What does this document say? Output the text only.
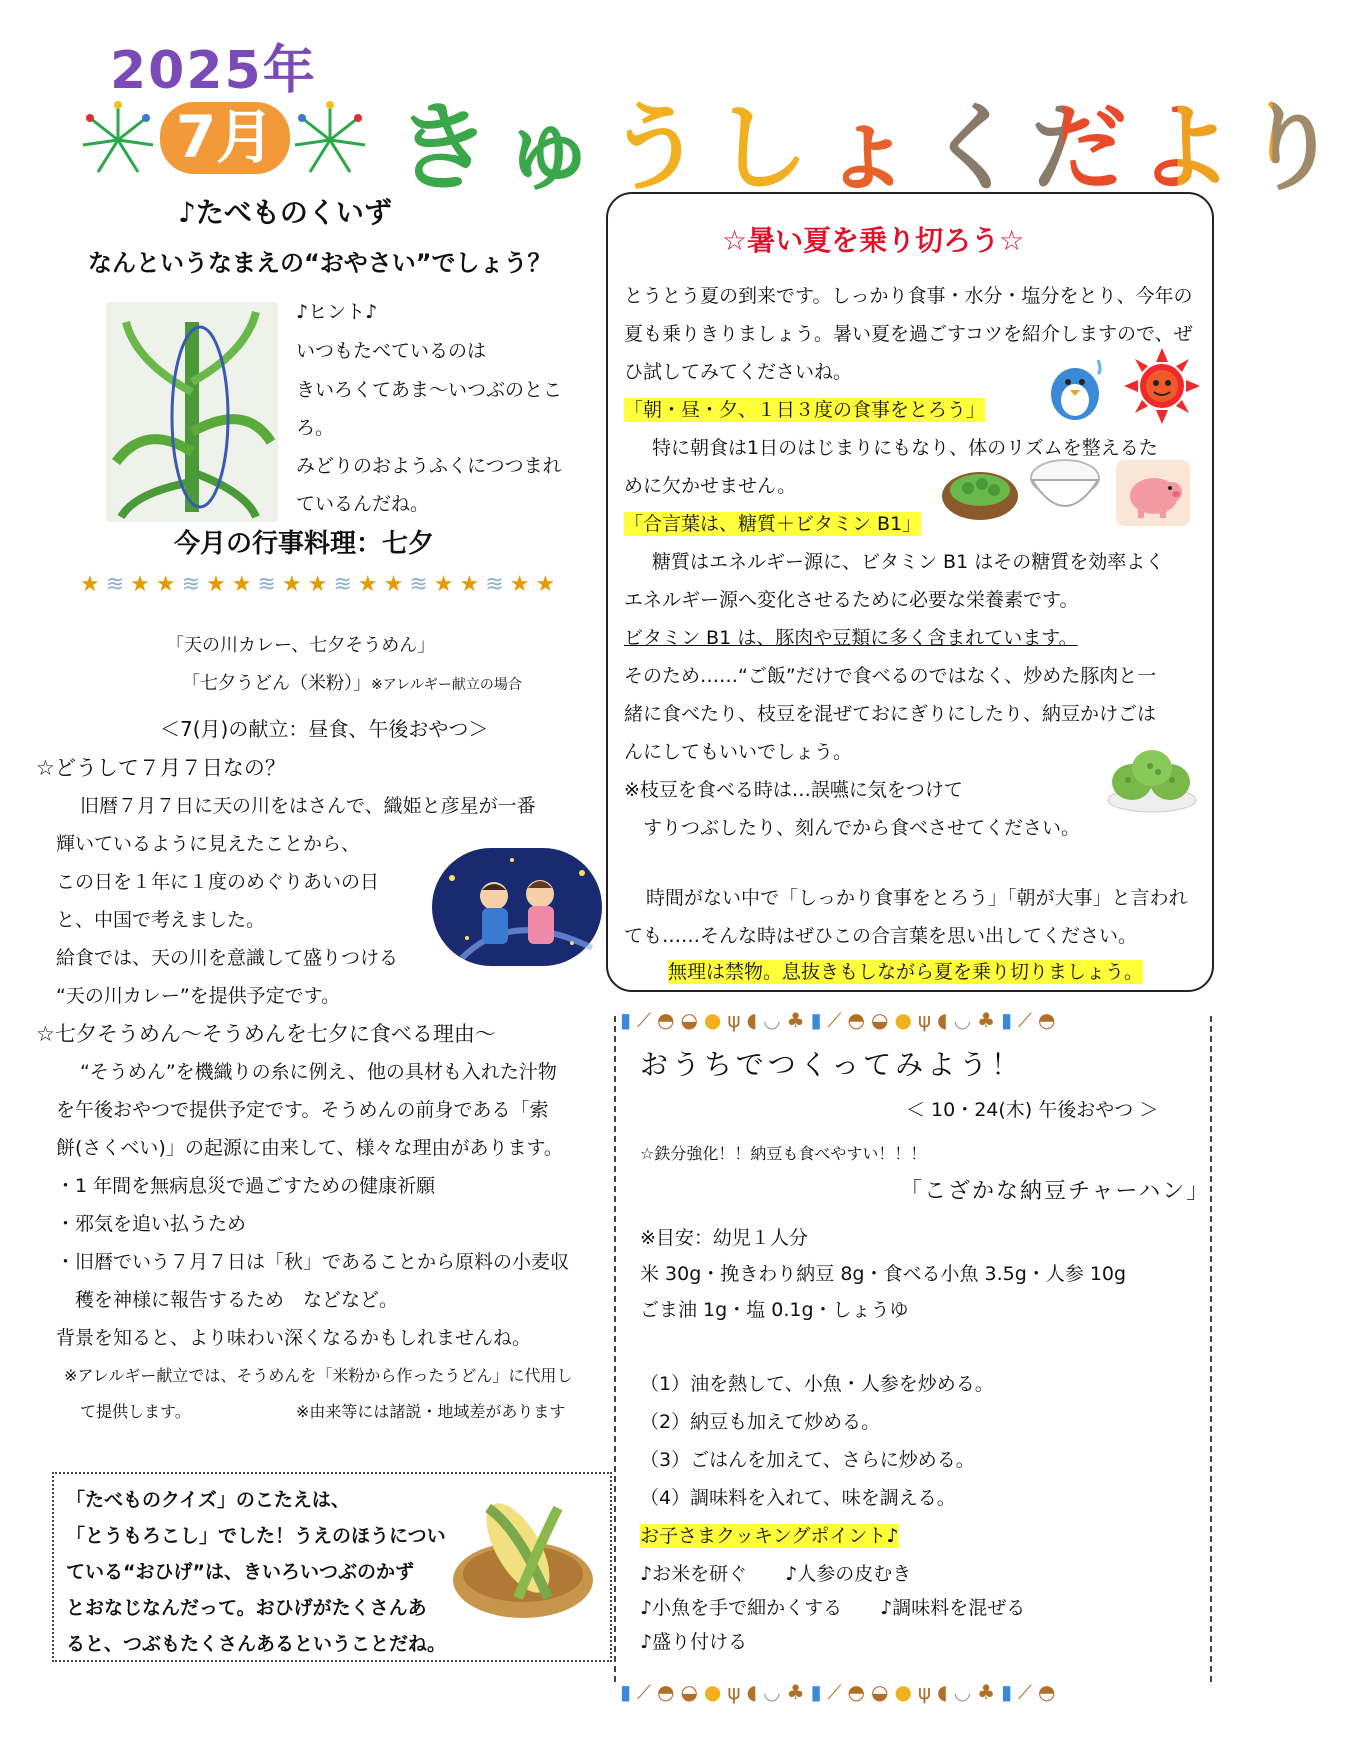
2025年
7月 きゅうしょくだより
♪たべものくいず
なんというなまえの“おやさい”でしょう？
♪ヒント♪
いつもたべているのは
きいろくてあま～いつぶのとこ
ろ。
みどりのおようふくにつつまれ
ているんだね。
今月の行事料理：七夕
★ ≋ ★ ★ ≋ ★ ★ ≋ ★ ★ ≋ ★ ★ ≋ ★ ★ ≋ ★ ★
「天の川カレー、七夕そうめん」
「七夕うどん（米粉）」※アレルギー献立の場合
＜7(月)の献立：昼食、午後おやつ＞
☆どうして７月７日なの？
旧暦７月７日に天の川をはさんで、織姫と彦星が一番
輝いているように見えたことから、
この日を１年に１度のめぐりあいの日
と、中国で考えました。
給食では、天の川を意識して盛りつける
“天の川カレー”を提供予定です。
☆七夕そうめん～そうめんを七夕に食べる理由～
“そうめん”を機織りの糸に例え、他の具材も入れた汁物
を午後おやつで提供予定です。そうめんの前身である「索
餅(さくべい)」の起源に由来して、様々な理由があります。
・1 年間を無病息災で過ごすための健康祈願
・邪気を追い払うため
・旧暦でいう７月７日は「秋」であることから原料の小麦収
　穫を神様に報告するため　などなど。
背景を知ると、より味わい深くなるかもしれませんね。
※アレルギー献立では、そうめんを「米粉から作ったうどん」に代用し
て提供します。	※由来等には諸説・地域差があります
「たべものクイズ」のこたえは、
「とうもろこし」でした！うえのほうについ
ている“おひげ”は、きいろいつぶのかず
とおなじなんだって。おひげがたくさんあ
ると、つぶもたくさんあるということだね。
☆暑い夏を乗り切ろう☆
とうとう夏の到来です。しっかり食事・水分・塩分をとり、今年の
夏も乗りきりましょう。暑い夏を過ごすコツを紹介しますので、ぜ
ひ試してみてくださいね。
「朝・昼・夕、１日３度の食事をとろう」
特に朝食は1日のはじまりにもなり、体のリズムを整えるた
めに欠かせません。
「合言葉は、糖質＋ビタミン B1」
糖質はエネルギー源に、ビタミン B1 はその糖質を効率よく
エネルギー源へ変化させるために必要な栄養素です。
ビタミン B1 は、豚肉や豆類に多く含まれています。
そのため……“ご飯”だけで食べるのではなく、炒めた豚肉と一
緒に食べたり、枝豆を混ぜておにぎりにしたり、納豆かけごは
んにしてもいいでしょう。
※枝豆を食べる時は…誤嚥に気をつけて
　すりつぶしたり、刻んでから食べさせてください。
時間がない中で「しっかり食事をとろう」「朝が大事」と言われ
ても……そんな時はぜひこの合言葉を思い出してください。
無理は禁物。息抜きもしながら夏を乗り切りましょう。
▮ ⟋ ◓ ◒ ● ψ ◖ ◡ ♣ ▮ ⟋ ◓ ◒ ● ψ ◖ ◡ ♣ ▮ ⟋ ◓
おうちでつくってみよう！
＜ 10・24(木) 午後おやつ ＞
☆鉄分強化！！納豆も食べやすい！！！
「こざかな納豆チャーハン」
※目安：幼児１人分
米 30g・挽きわり納豆 8g・食べる小魚 3.5g・人参 10g
ごま油 1g・塩 0.1g・しょうゆ
（1）油を熱して、小魚・人参を炒める。
（2）納豆も加えて炒める。
（3）ごはんを加えて、さらに炒める。
（4）調味料を入れて、味を調える。
お子さまクッキングポイント♪
♪お米を研ぐ　　♪人参の皮むき
♪小魚を手で細かくする　　♪調味料を混ぜる
♪盛り付ける
▮ ⟋ ◓ ◒ ● ψ ◖ ◡ ♣ ▮ ⟋ ◓ ◒ ● ψ ◖ ◡ ♣ ▮ ⟋ ◓
